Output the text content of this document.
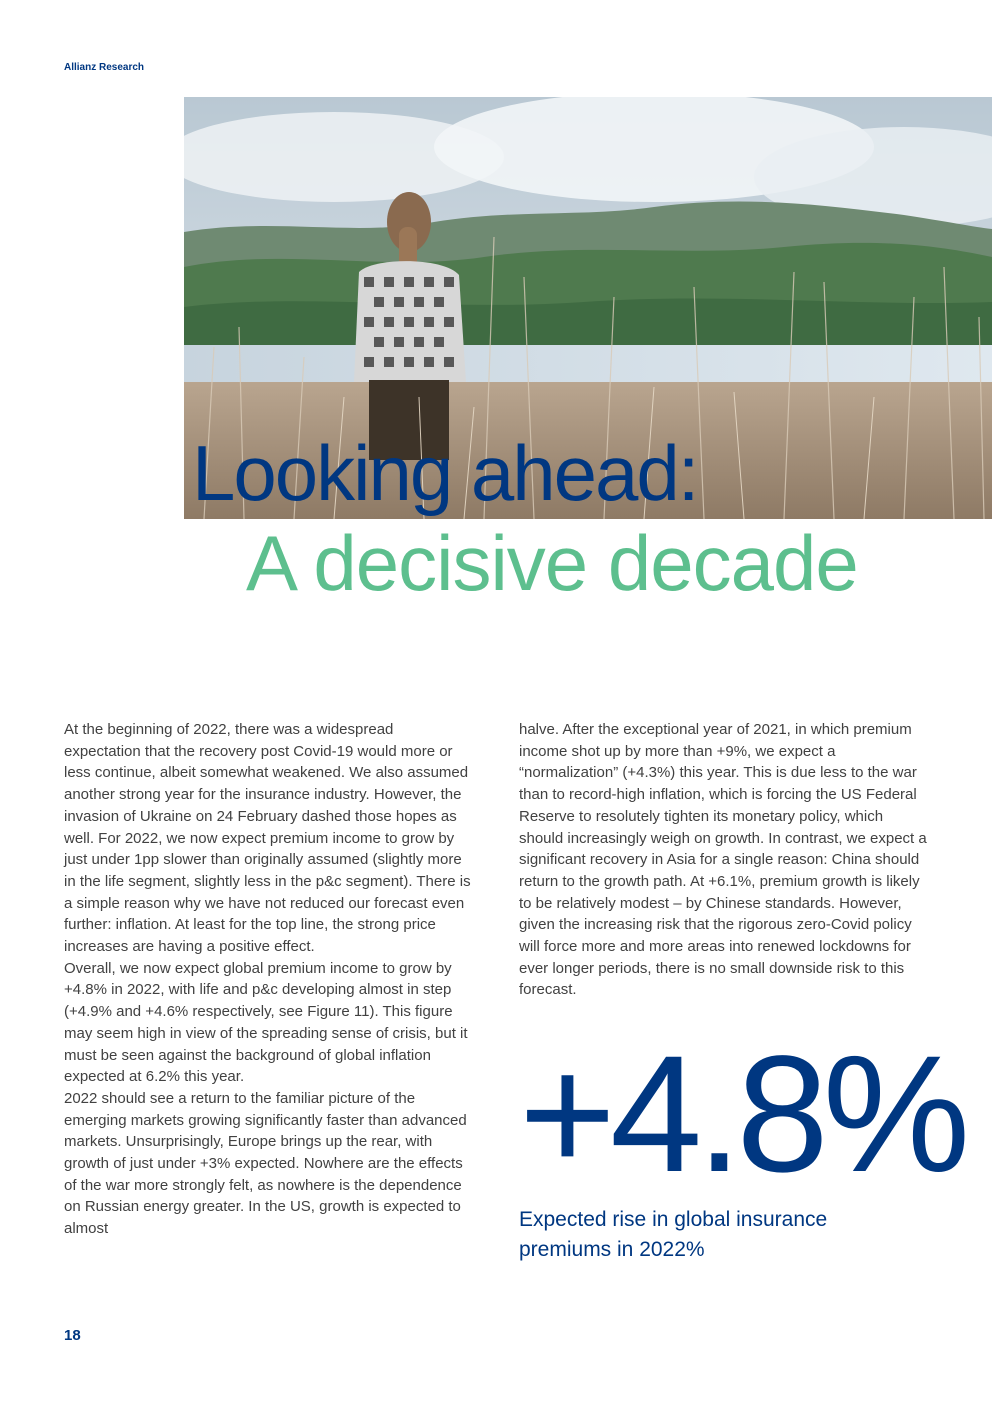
Allianz Research
Looking ahead:
A decisive decade

At the beginning of 2022, there was a widespread expectation that the recovery post Covid-19 would more or less continue, albeit somewhat weakened. We also assumed another strong year for the insurance industry. However, the invasion of Ukraine on 24 February dashed those hopes as well. For 2022, we now expect premium income to grow by just under 1pp slower than originally assumed (slightly more in the life segment, slightly less in the p&c segment). There is a simple reason why we have not reduced our forecast even further: inflation. At least for the top line, the strong price increases are having a positive effect.

Overall, we now expect global premium income to grow by +4.8% in 2022, with life and p&c developing almost in step (+4.9% and +4.6% respectively, see Figure 11). This figure may seem high in view of the spreading sense of crisis, but it must be seen against the background of global inflation expected at 6.2% this year.

2022 should see a return to the familiar picture of the emerging markets growing significantly faster than advanced markets. Unsurprisingly, Europe brings up the rear, with growth of just under +3% expected. Nowhere are the effects of the war more strongly felt, as nowhere is the dependence on Russian energy greater. In the US, growth is expected to almost

halve. After the exceptional year of 2021, in which premium income shot up by more than +9%, we expect a “normalization” (+4.3%) this year. This is due less to the war than to record-high inflation, which is forcing the US Federal Reserve to resolutely tighten its monetary policy, which should increasingly weigh on growth. In contrast, we expect a significant recovery in Asia for a single reason: China should return to the growth path. At +6.1%, premium growth is likely to be relatively modest – by Chinese standards. However, given the increasing risk that the rigorous zero-Covid policy will force more and more areas into renewed lockdowns for ever longer periods, there is no small downside risk to this forecast.

+4.8%
Expected rise in global insurance premiums in 2022%
18
